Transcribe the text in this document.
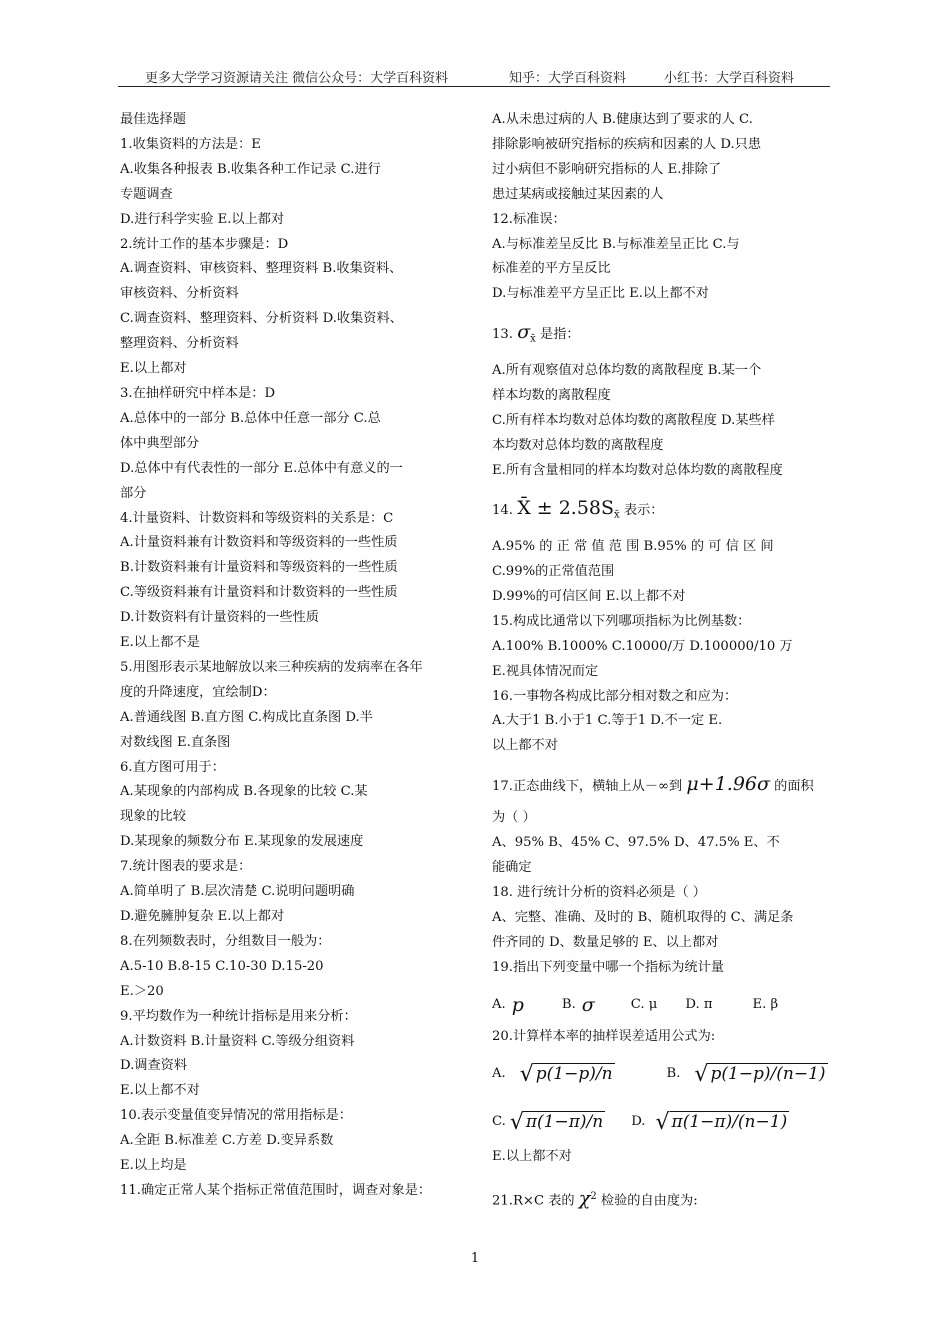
更多大学学习资源请关注 微信公众号：大学百科资料	知乎：大学百科资料	小红书：大学百科资料

最佳选择题

1.收集资料的方法是：E

A.收集各种报表 B.收集各种工作记录 C.进行

专题调查

D.进行科学实验 E.以上都对

2.统计工作的基本步骤是：D

A.调查资料、审核资料、整理资料 B.收集资料、

审核资料、分析资料

C.调查资料、整理资料、分析资料 D.收集资料、

整理资料、分析资料

E.以上都对

3.在抽样研究中样本是：D

A.总体中的一部分 B.总体中任意一部分 C.总

体中典型部分

D.总体中有代表性的一部分 E.总体中有意义的一

部分

4.计量资料、计数资料和等级资料的关系是：C

A.计量资料兼有计数资料和等级资料的一些性质

B.计数资料兼有计量资料和等级资料的一些性质

C.等级资料兼有计量资料和计数资料的一些性质

D.计数资料有计量资料的一些性质

E.以上都不是

5.用图形表示某地解放以来三种疾病的发病率在各年

度的升降速度，宜绘制D：

A.普通线图 B.直方图 C.构成比直条图 D.半

对数线图 E.直条图

6.直方图可用于：

A.某现象的内部构成 B.各现象的比较 C.某

现象的比较

D.某现象的频数分布 E.某现象的发展速度

7.统计图表的要求是：

A.简单明了 B.层次清楚 C.说明问题明确

D.避免臃肿复杂 E.以上都对

8.在列频数表时，分组数目一般为：

A.5-10 B.8-15 C.10-30 D.15-20

E.＞20

9.平均数作为一种统计指标是用来分析：

A.计数资料 B.计量资料 C.等级分组资料

D.调查资料

E.以上都不对

10.表示变量值变异情况的常用指标是：

A.全距 B.标准差 C.方差 D.变异系数

E.以上均是

11.确定正常人某个指标正常值范围时，调查对象是：

A.从未患过病的人 B.健康达到了要求的人 C.

排除影响被研究指标的疾病和因素的人 D.只患

过小病但不影响研究指标的人 E.排除了

患过某病或接触过某因素的人

12.标准误：

A.与标准差呈反比 B.与标准差呈正比 C.与

标准差的平方呈反比

D.与标准差平方呈正比 E.以上都不对

13. $\sigma_{x̄}$ 是指：

A.所有观察值对总体均数的离散程度 B.某一个

样本均数的离散程度

C.所有样本均数对总体均数的离散程度 D.某些样

本均数对总体均数的离散程度

E.所有含量相同的样本均数对总体均数的离散程度

14. X̄ ± $2.58S_{x̄}$ 表示：

A.95% 的 正 常 值 范 围 B.95% 的 可 信 区 间

C.99%的正常值范围

D.99%的可信区间 E.以上都不对

15.构成比通常以下列哪项指标为比例基数：

A.100% B.1000% C.10000/万 D.100000/10 万

E.视具体情况而定

16.一事物各构成比部分相对数之和应为：

A.大于1 B.小于1 C.等于1 D.不一定 E.

以上都不对

17.正态曲线下，横轴上从－∞到 μ+1.96σ 的面积

为（ ）

A、95% B、45% C、97.5% D、47.5% E、不

能确定

18. 进行统计分析的资料必须是（ ）

A、完整、准确、及时的 B、随机取得的 C、满足条

件齐同的 D、数量足够的 E、以上都对

19.指出下列变量中哪一个指标为统计量

A. p	B. σ	C. μ D. π	E. β

20.计算样本率的抽样误差适用公式为:

A. √ p(1−p)/n	B. √ p(1−p)/(n−1)

C. √ π(1−π)/n D. √ π(1−π)/(n−1)

E.以上都不对

21.R×C 表的 $\chi^2$ 检验的自由度为:

1
